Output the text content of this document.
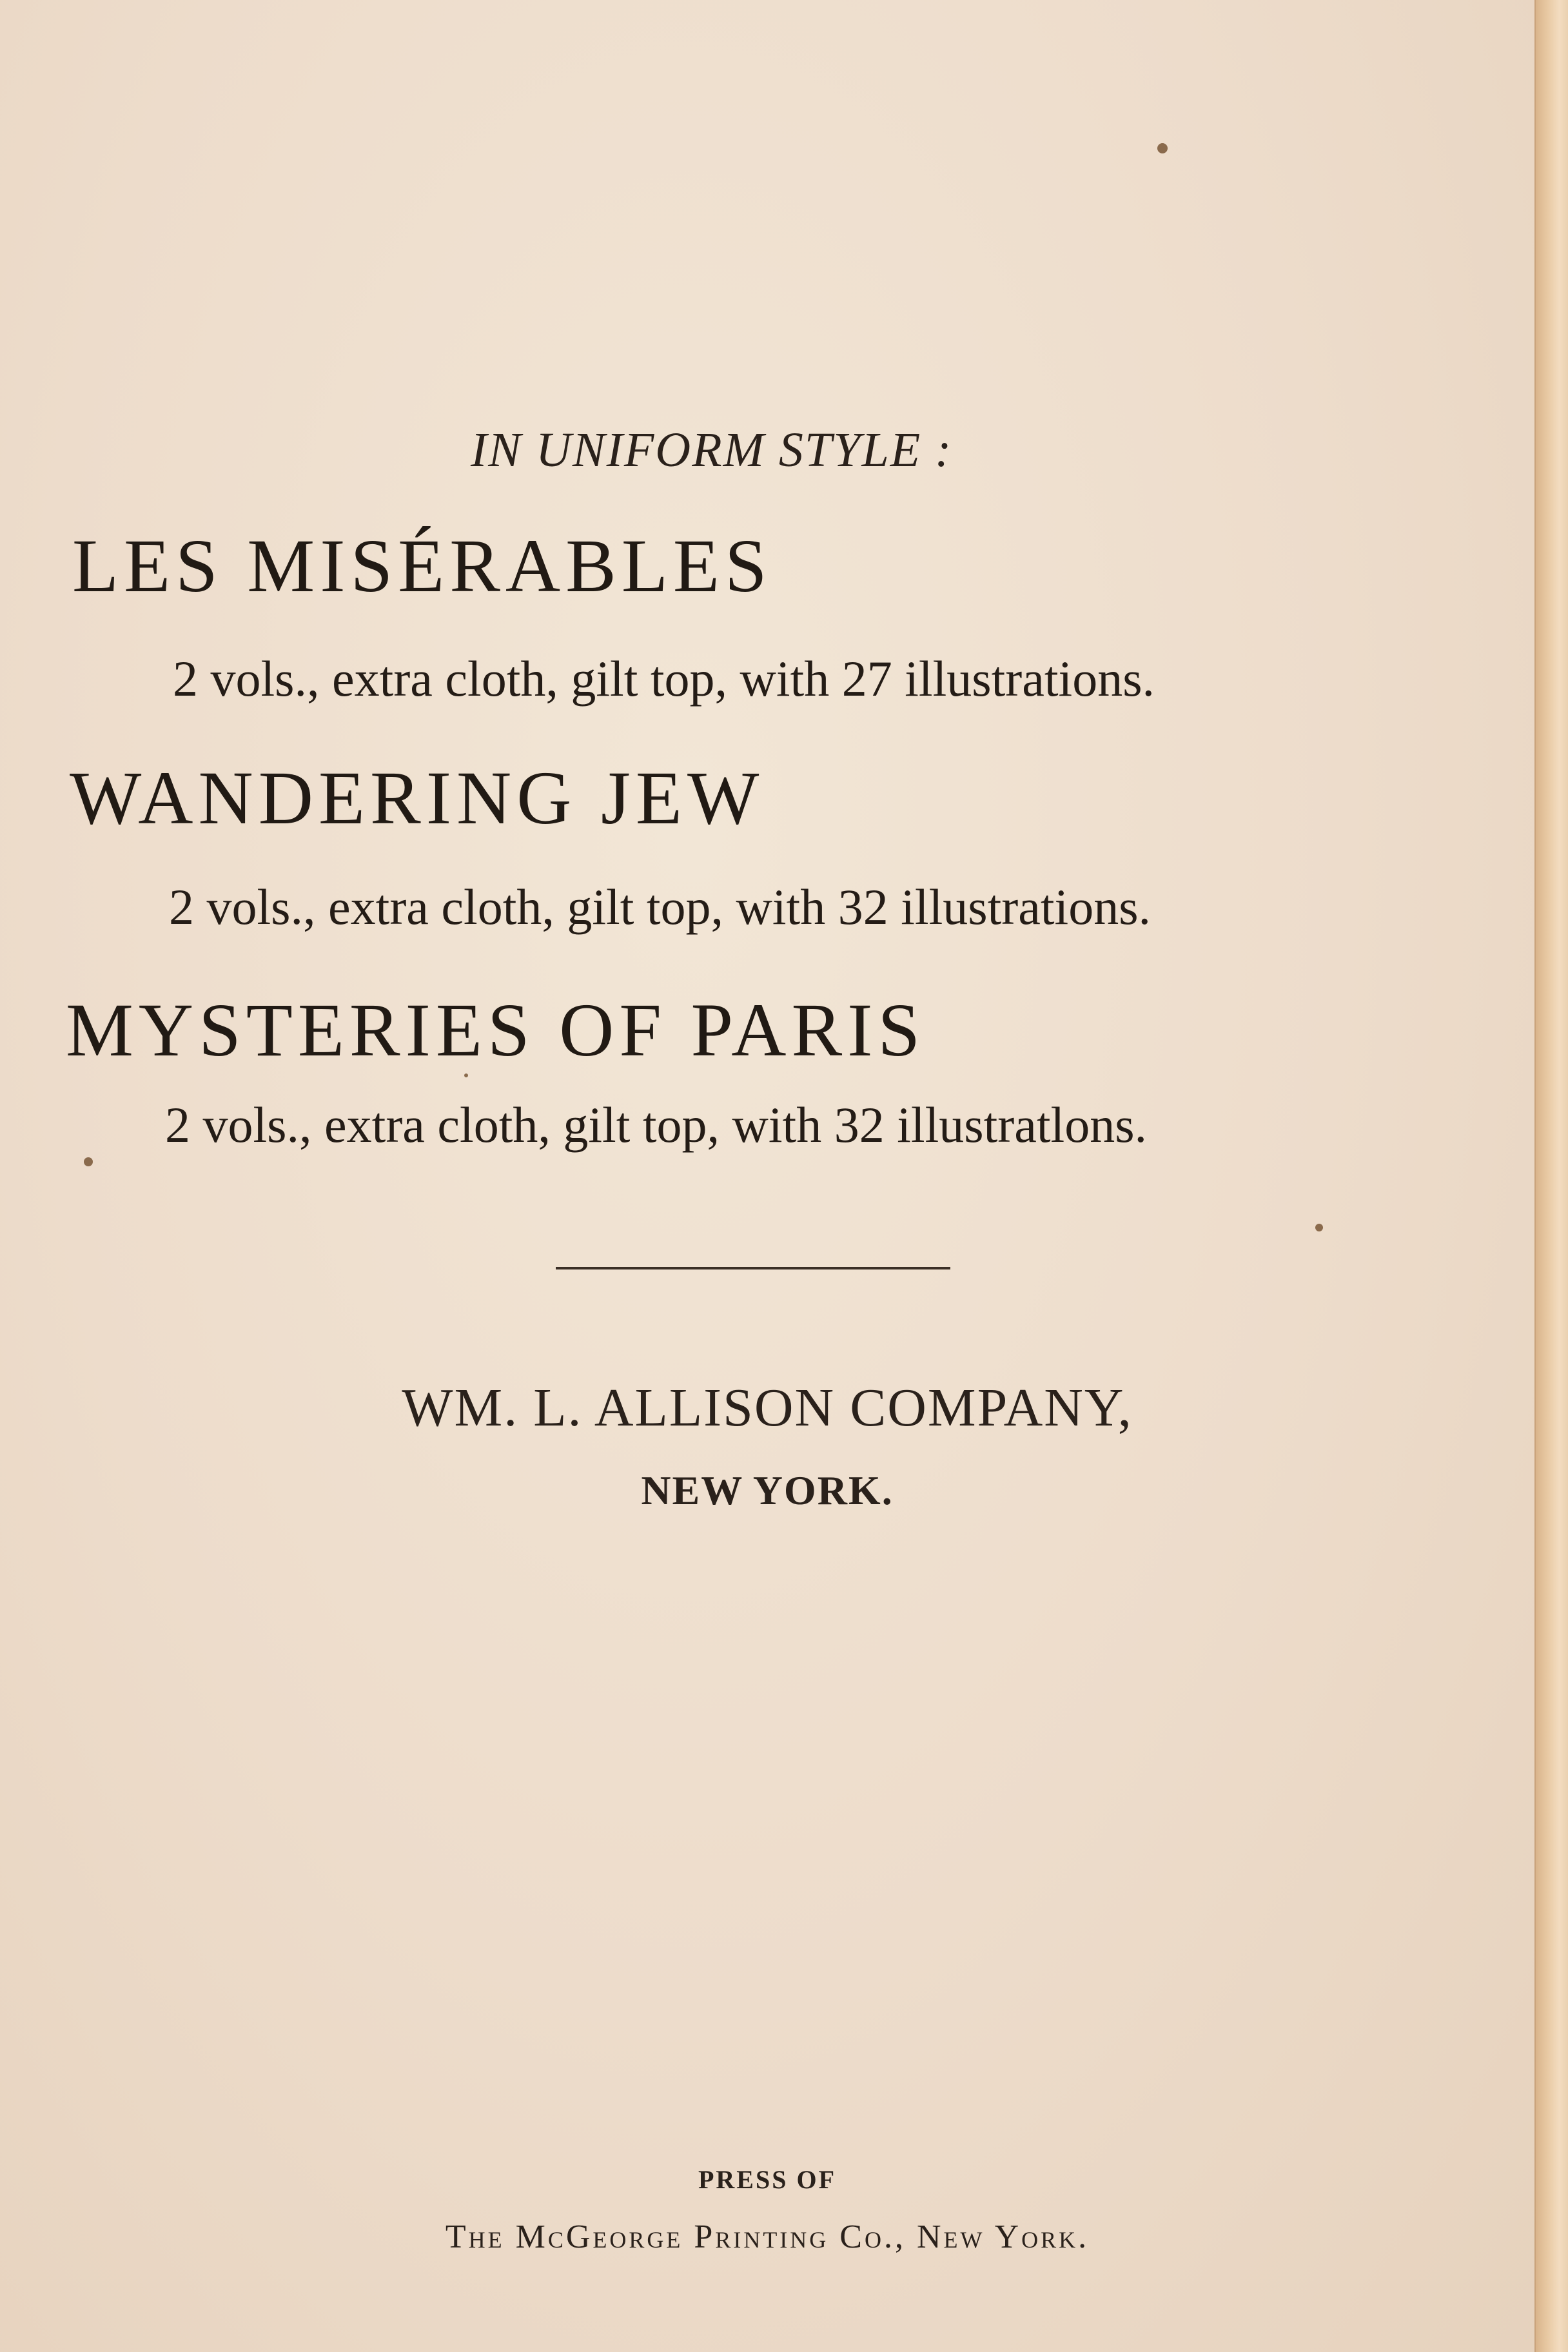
IN UNIFORM STYLE :
LES MISÉRABLES
2 vols., extra cloth, gilt top, with 27 illustrations.
WANDERING JEW
2 vols., extra cloth, gilt top, with 32 illustrations.
MYSTERIES OF PARIS
2 vols., extra cloth, gilt top, with 32 illustratlons.
WM. L. ALLISON COMPANY,
NEW YORK.
PRESS OF
The McGeorge Printing Co., New York.
